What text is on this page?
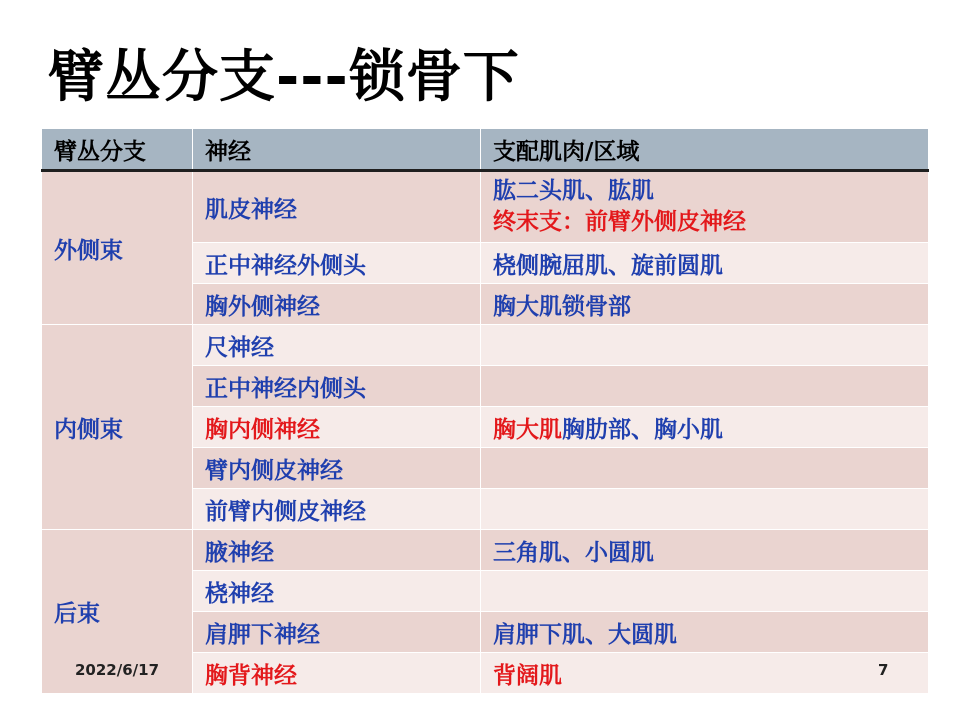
臂丛分支---锁骨下
臂丛分支	神经	支配肌肉/区域
外侧束	肌皮神经	肱二头肌、肱肌
终末支：前臂外侧皮神经

	正中神经外侧头	桡侧腕屈肌、旋前圆肌
	胸外侧神经	胸大肌锁骨部
内侧束	尺神经	
	正中神经内侧头	
	胸内侧神经	胸大肌胸肋部、胸小肌
	臂内侧皮神经	
	前臂内侧皮神经	
后束	腋神经	三角肌、小圆肌
	桡神经	
	肩胛下神经	肩胛下肌、大圆肌
	胸背神经	背阔肌
2022/6/17	7
